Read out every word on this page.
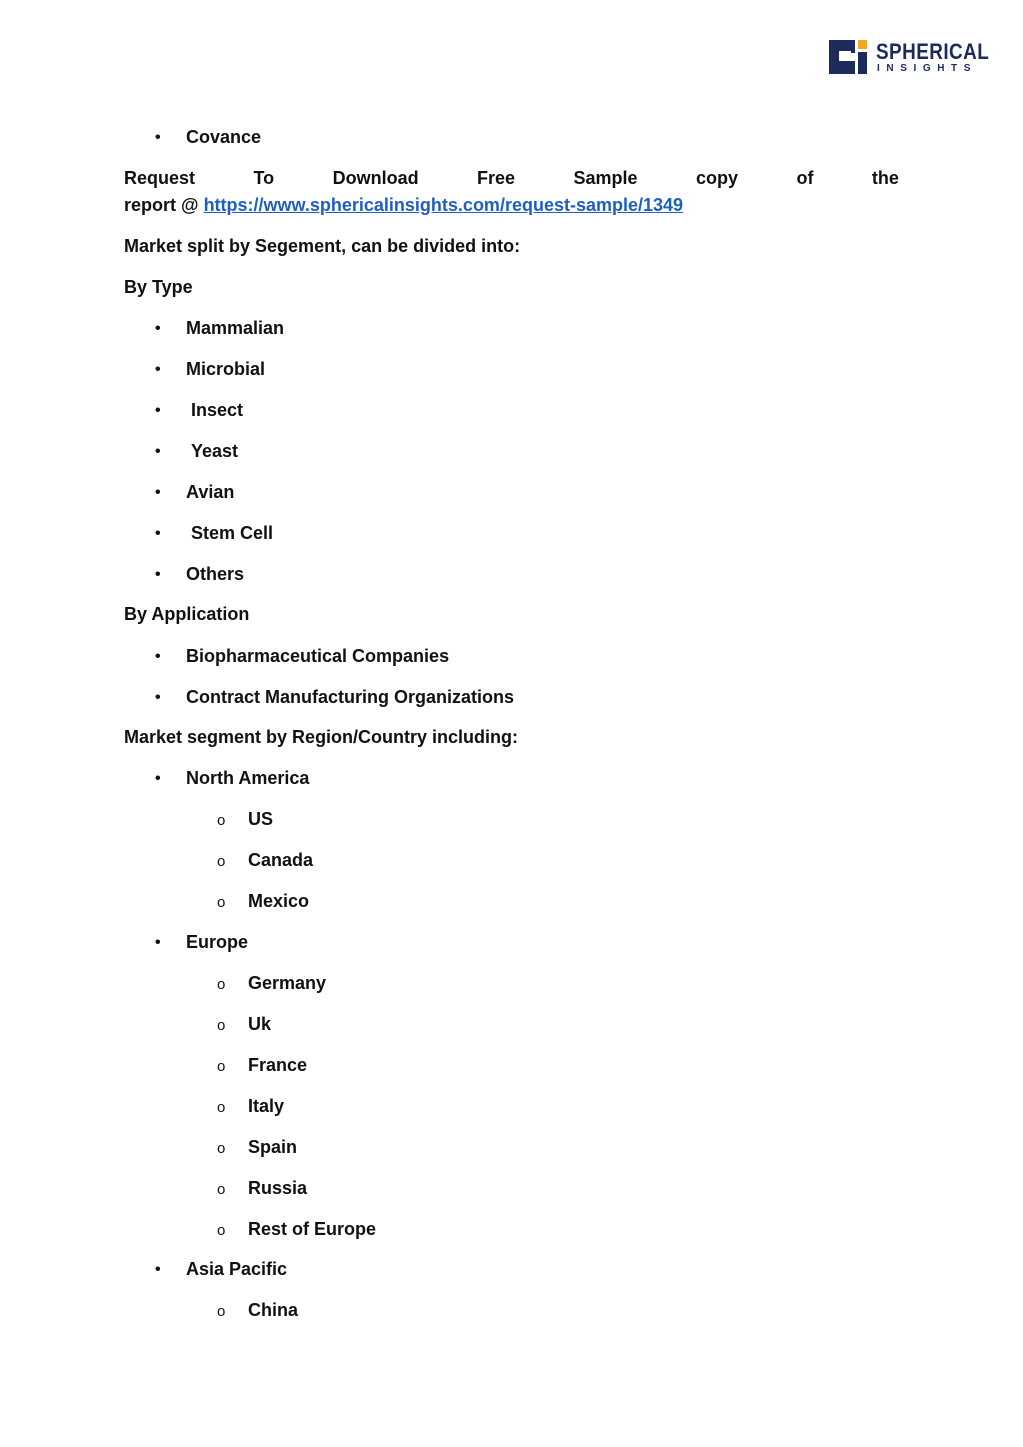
SPHERICAL
INSIGHTS
• Covance
Request	To	Download	Free	Sample	copy	of	the
report @ https://www.sphericalinsights.com/request-sample/1349
Market split by Segement, can be divided into:
By Type
• Mammalian
• Microbial
• Insect
• Yeast
• Avian
• Stem Cell
• Others
By Application
• Biopharmaceutical Companies
• Contract Manufacturing Organizations
Market segment by Region/Country including:
• North America
o US
o Canada
o Mexico
• Europe
o Germany
o Uk
o France
o Italy
o Spain
o Russia
o Rest of Europe
• Asia Pacific
o China
